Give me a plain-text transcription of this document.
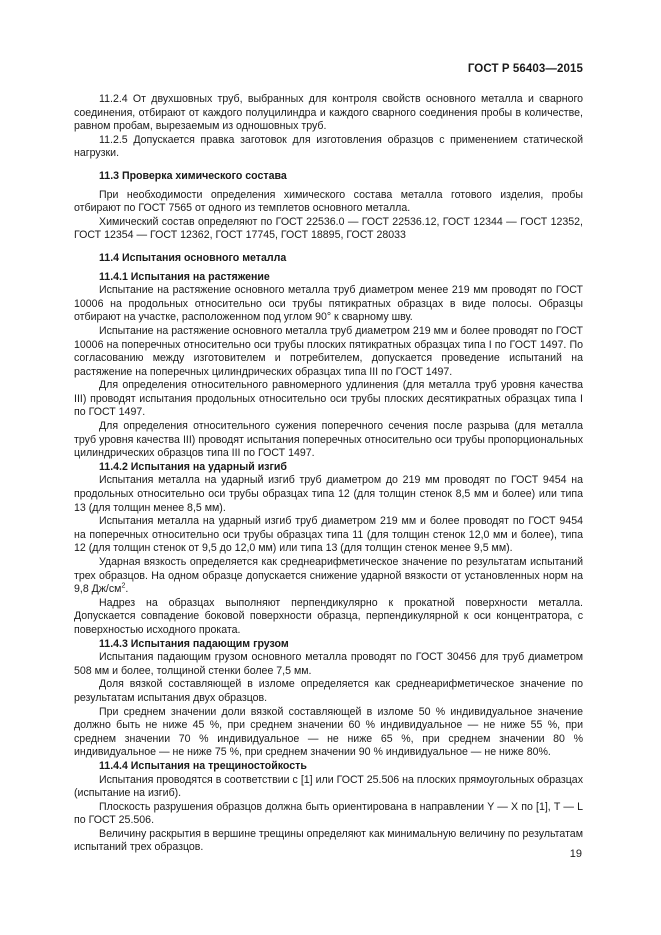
ГОСТ Р 56403—2015

11.2.4 От двухшовных труб, выбранных для контроля свойств основного металла и сварного соединения, отбирают от каждого полуцилиндра и каждого сварного соединения пробы в количестве, равном пробам, вырезаемым из одношовных труб.

11.2.5 Допускается правка заготовок для изготовления образцов с применением статической нагрузки.

11.3 Проверка химического состава

При необходимости определения химического состава металла готового изделия, пробы отбирают по ГОСТ 7565 от одного из темплетов основного металла.

Химический состав определяют по ГОСТ 22536.0 — ГОСТ 22536.12, ГОСТ 12344 — ГОСТ 12352, ГОСТ 12354 — ГОСТ 12362, ГОСТ 17745, ГОСТ 18895, ГОСТ 28033

11.4 Испытания основного металла

11.4.1 Испытания на растяжение

Испытание на растяжение основного металла труб диаметром менее 219 мм проводят по ГОСТ 10006 на продольных относительно оси трубы пятикратных образцах в виде полосы. Образцы отбирают на участке, расположенном под углом 90° к сварному шву.

Испытание на растяжение основного металла труб диаметром 219 мм и более проводят по ГОСТ 10006 на поперечных относительно оси трубы плоских пятикратных образцах типа I по ГОСТ 1497. По согласованию между изготовителем и потребителем, допускается проведение испытаний на растяжение на поперечных цилиндрических образцах типа III по ГОСТ 1497.

Для определения относительного равномерного удлинения (для металла труб уровня качества III) проводят испытания продольных относительно оси трубы плоских десятикратных образцах типа I по ГОСТ 1497.

Для определения относительного сужения поперечного сечения после разрыва (для металла труб уровня качества III) проводят испытания поперечных относительно оси трубы пропорциональных цилиндрических образцов типа III по ГОСТ 1497.

11.4.2 Испытания на ударный изгиб

Испытания металла на ударный изгиб труб диаметром до 219 мм проводят по ГОСТ 9454 на продольных относительно оси трубы образцах типа 12 (для толщин стенок 8,5 мм и более) или типа 13 (для толщин менее 8,5 мм).

Испытания металла на ударный изгиб труб диаметром 219 мм и более проводят по ГОСТ 9454 на поперечных относительно оси трубы образцах типа 11 (для толщин стенок 12,0 мм и более), типа 12 (для толщин стенок от 9,5 до 12,0 мм) или типа 13 (для толщин стенок менее 9,5 мм).

Ударная вязкость определяется как среднеарифметическое значение по результатам испытаний трех образцов. На одном образце допускается снижение ударной вязкости от установленных норм на 9,8 $Дж/см^2$.

Надрез на образцах выполняют перпендикулярно к прокатной поверхности металла. Допускается совпадение боковой поверхности образца, перпендикулярной к оси концентратора, с поверхностью исходного проката.

11.4.3 Испытания падающим грузом

Испытания падающим грузом основного металла проводят по ГОСТ 30456 для труб диаметром 508 мм и более, толщиной стенки более 7,5 мм.

Доля вязкой составляющей в изломе определяется как среднеарифметическое значение по результатам испытания двух образцов.

При среднем значении доли вязкой составляющей в изломе 50 % индивидуальное значение должно быть не ниже 45 %, при среднем значении 60 % индивидуальное — не ниже 55 %, при среднем значении 70 % индивидуальное — не ниже 65 %, при среднем значении 80 % индивидуальное — не ниже 75 %, при среднем значении 90 % индивидуальное — не ниже 80%.

11.4.4 Испытания на трещиностойкость

Испытания проводятся в соответствии с [1] или ГОСТ 25.506 на плоских прямоугольных образцах (испытание на изгиб).

Плоскость разрушения образцов должна быть ориентирована в направлении Y — X по [1], T — L по ГОСТ 25.506.

Величину раскрытия в вершине трещины определяют как минимальную величину по результатам испытаний трех образцов.

19
